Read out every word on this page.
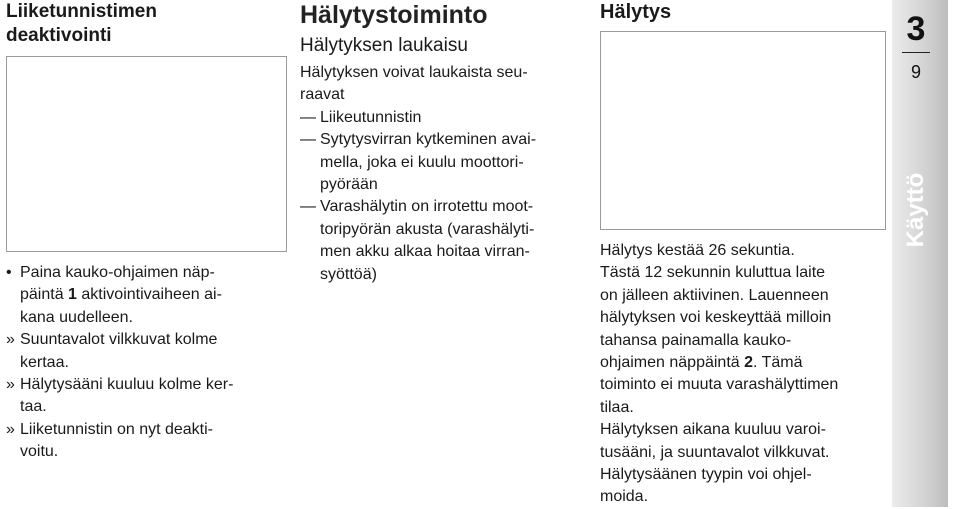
Liiketunnistimen
deaktivointi
• Paina kauko-ohjaimen näp-
päintä 1 aktivointivaiheen ai-
kana uudelleen.
» Suuntavalot vilkkuvat kolme
kertaa.
» Hälytysääni kuuluu kolme ker-
taa.
» Liiketunnistin on nyt deakti-
voitu.
Hälytystoiminto
Hälytyksen laukaisu
Hälytyksen voivat laukaista seu-
raavat
— Liikeutunnistin
— Sytytysvirran kytkeminen avai-
mella, joka ei kuulu moottori-
pyörään
— Varashälytin on irrotettu moot-
toripyörän akusta (varashälyti-
men akku alkaa hoitaa virran-
syöttöä)
Hälytys
Hälytys kestää 26 sekuntia.
Tästä 12 sekunnin kuluttua laite
on jälleen aktiivinen. Lauenneen
hälytyksen voi keskeyttää milloin
tahansa painamalla kauko-
ohjaimen näppäintä 2. Tämä
toiminto ei muuta varashälyttimen
tilaa.
Hälytyksen aikana kuuluu varoi-
tusääni, ja suuntavalot vilkkuvat.
Hälytysäänen tyypin voi ohjel-
moida.
3
9
Käyttö
